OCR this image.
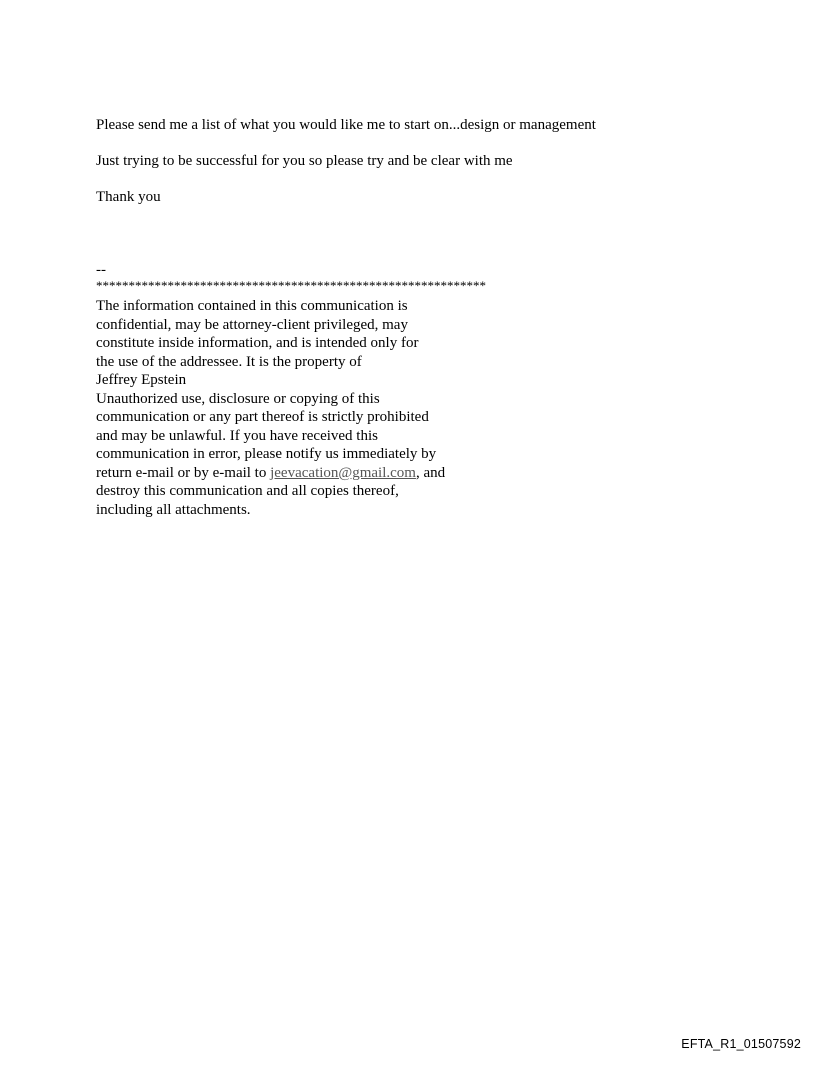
Please send me a list of what you would like me to start on...design or management
Just trying to be successful for you so please try and be clear with me
Thank you
--
************************************************************
The information contained in this communication is
confidential, may be attorney-client privileged, may
constitute inside information, and is intended only for
the use of the addressee. It is the property of
Jeffrey Epstein
Unauthorized use, disclosure or copying of this
communication or any part thereof is strictly prohibited
and may be unlawful. If you have received this
communication in error, please notify us immediately by
return e-mail or by e-mail to jeevacation@gmail.com, and
destroy this communication and all copies thereof,
including all attachments.
EFTA_R1_01507592
